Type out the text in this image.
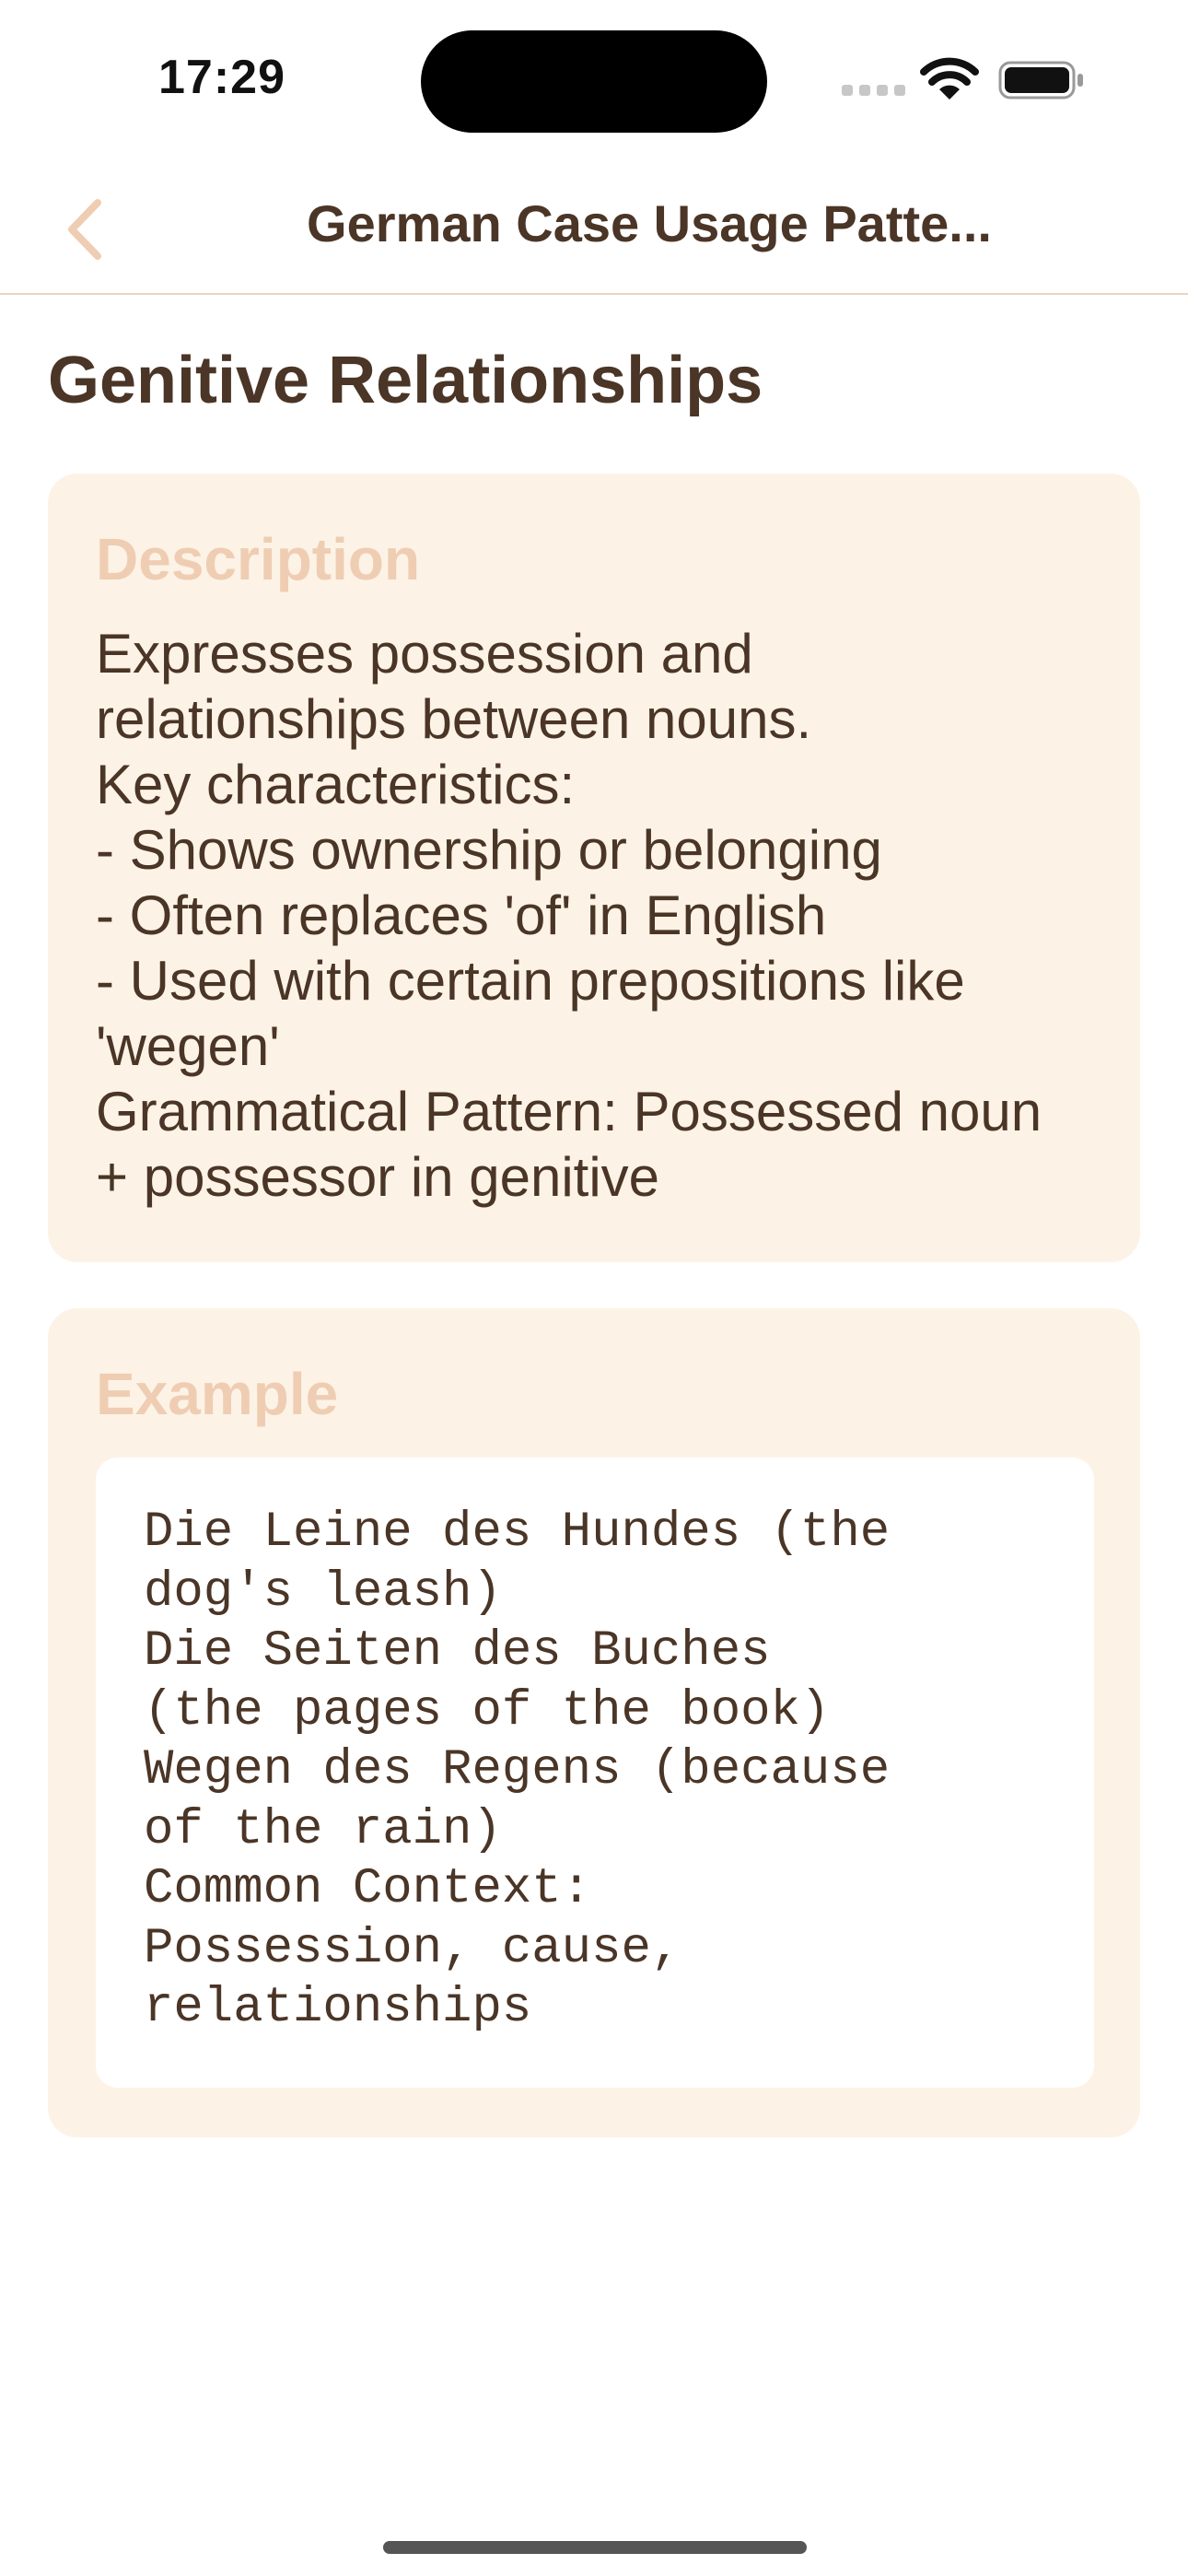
17:29
German Case Usage Patte...
Genitive Relationships
Description
Expresses possession and
relationships between nouns.
Key characteristics:
- Shows ownership or belonging
- Often replaces 'of' in English
- Used with certain prepositions like
'wegen'
Grammatical Pattern: Possessed noun
+ possessor in genitive
Example
Die Leine des Hundes (the
dog's leash)
Die Seiten des Buches
(the pages of the book)
Wegen des Regens (because
of the rain)
Common Context:
Possession, cause,
relationships
